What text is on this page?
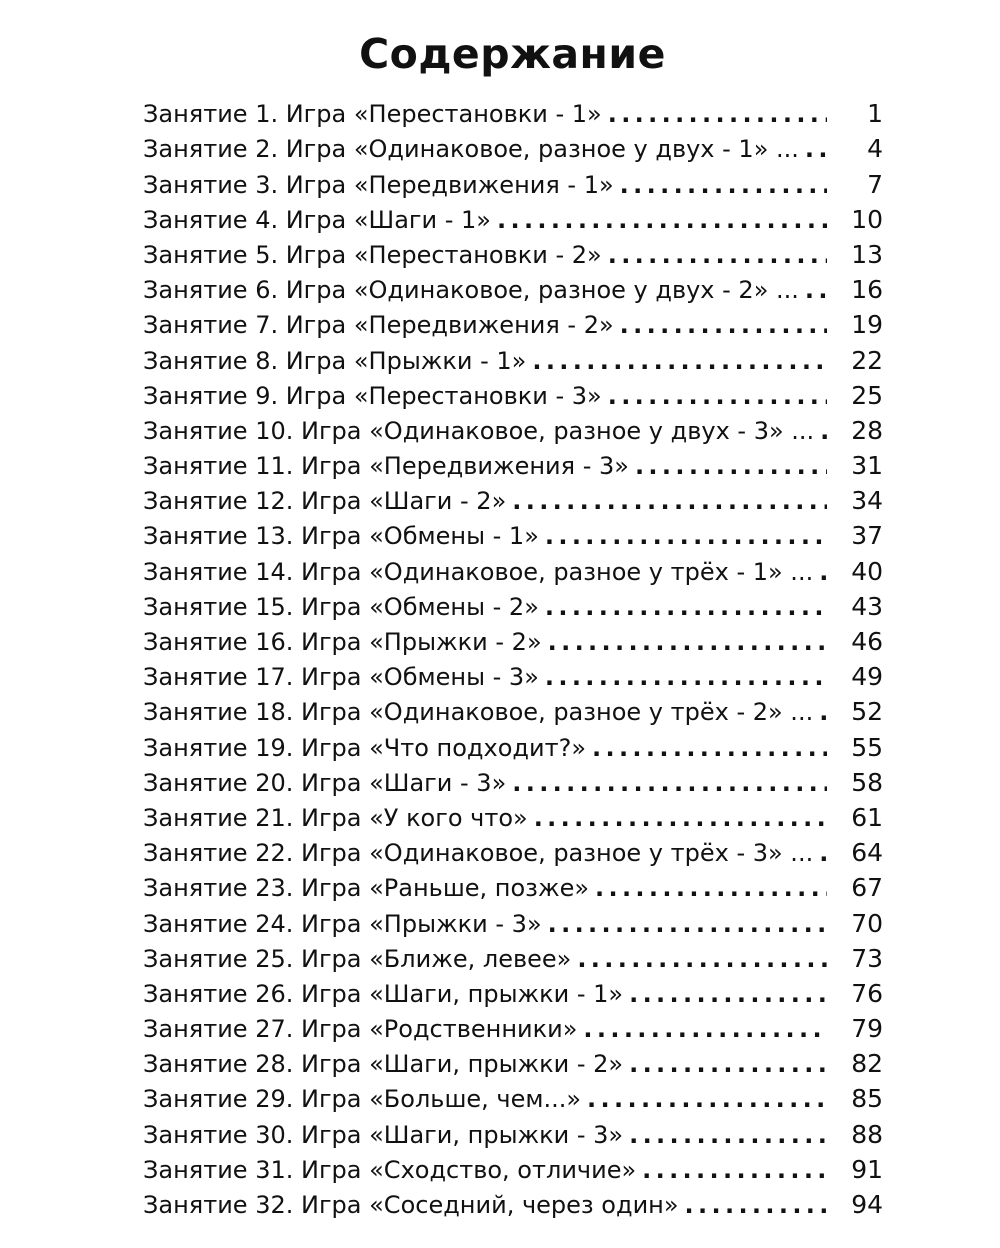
Содержание
Занятие 1. Игра «Перестановки - 1» . . .	1
Занятие 2. Игра «Одинаковое, разное у двух - 1» ... . . .	4
Занятие 3. Игра «Передвижения - 1» . . .	7
Занятие 4. Игра «Шаги - 1» . . .	10
Занятие 5. Игра «Перестановки - 2» . . .	13
Занятие 6. Игра «Одинаковое, разное у двух - 2» ... . . .	16
Занятие 7. Игра «Передвижения - 2» . . .	19
Занятие 8. Игра «Прыжки - 1» . . .	22
Занятие 9. Игра «Перестановки - 3» . . .	25
Занятие 10. Игра «Одинаковое, разное у двух - 3» ... . . .	28
Занятие 11. Игра «Передвижения - 3» . . .	31
Занятие 12. Игра «Шаги - 2» . . .	34
Занятие 13. Игра «Обмены - 1» . . .	37
Занятие 14. Игра «Одинаковое, разное у трёх - 1» ... . . .	40
Занятие 15. Игра «Обмены - 2» . . .	43
Занятие 16. Игра «Прыжки - 2» . . .	46
Занятие 17. Игра «Обмены - 3» . . .	49
Занятие 18. Игра «Одинаковое, разное у трёх - 2» ... . . .	52
Занятие 19. Игра «Что подходит?» . . .	55
Занятие 20. Игра «Шаги - 3» . . .	58
Занятие 21. Игра «У кого что» . . .	61
Занятие 22. Игра «Одинаковое, разное у трёх - 3» ... . . .	64
Занятие 23. Игра «Раньше, позже» . . .	67
Занятие 24. Игра «Прыжки - 3» . . .	70
Занятие 25. Игра «Ближе, левее» . . .	73
Занятие 26. Игра «Шаги, прыжки - 1» . . .	76
Занятие 27. Игра «Родственники» . . .	79
Занятие 28. Игра «Шаги, прыжки - 2» . . .	82
Занятие 29. Игра «Больше, чем...» . . .	85
Занятие 30. Игра «Шаги, прыжки - 3» . . .	88
Занятие 31. Игра «Сходство, отличие» . . .	91
Занятие 32. Игра «Соседний, через один» . . .	94
